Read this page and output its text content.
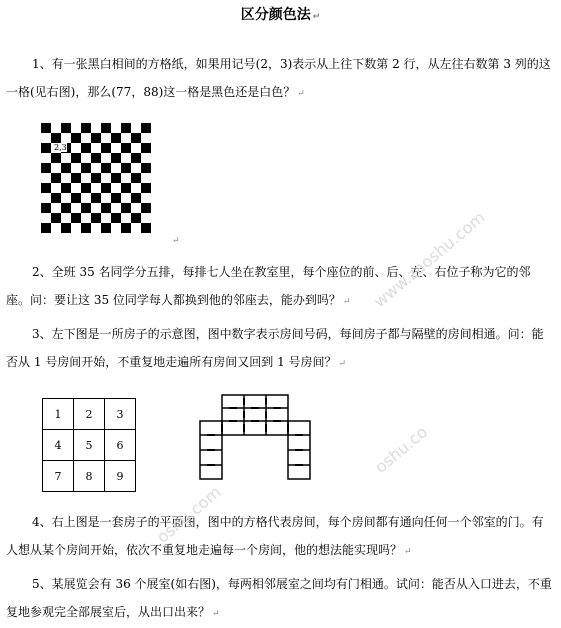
区分颜色法 ↵
1、有一张黑白相间的方格纸，如果用记号(2，3)表示从上往下数第 2 行，从左往右数第 3 列的这一格(见右图)，那么(77，88)这一格是黑色还是白色？ ↵
2,3
↵
2、全班 35 名同学分五排，每排七人坐在教室里，每个座位的前、后、左、右位子称为它的邻座。问：要让这 35 位同学每人都换到他的邻座去，能办到吗？ ↵
3、左下图是一所房子的示意图，图中数字表示房间号码，每间房子都与隔壁的房间相通。问：能否从 1 号房间开始，不重复地走遍所有房间又回到 1 号房间？ ↵
1	2	3
4	5	6
7	8	9
4、右上图是一套房子的平面图，图中的方格代表房间，每个房间都有通向任何一个邻室的门。有人想从某个房间开始，依次不重复地走遍每一个房间，他的想法能实现吗？ ↵
5、某展览会有 36 个展室(如右图)，每两相邻展室之间均有门相通。试问：能否从入口进去，不重复地参观完全部展室后，从出口出来？ ↵
oshu.com
www.zaoshu.com
oshu.co
